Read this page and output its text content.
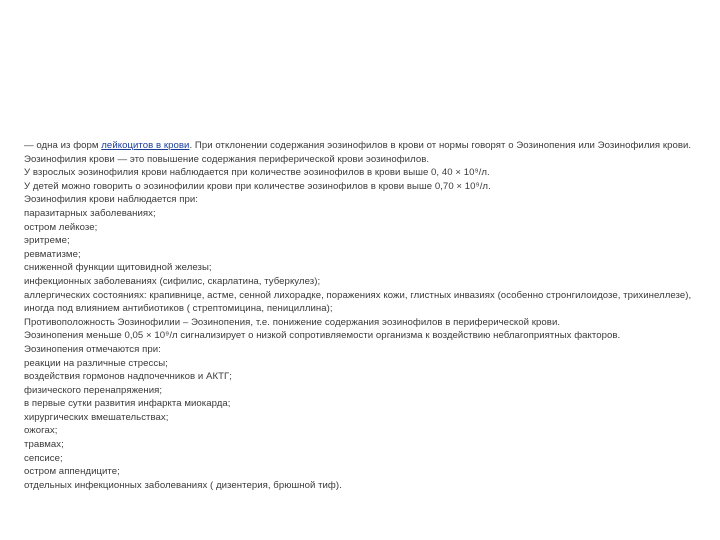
— одна из форм лейкоцитов в крови. При отклонении содержания эозинофилов в крови от нормы говорят о Эозинопения или Эозинофилия крови.
Эозинофилия крови — это повышение содержания периферической крови эозинофилов.
У взрослых эозинофилия крови наблюдается при количестве эозинофилов в крови выше 0, 40 × 10⁹/л.
У детей можно говорить о эозинофилии крови при количестве эозинофилов в крови выше 0,70 × 10⁹/л.
Эозинофилия крови наблюдается при:
паразитарных заболеваниях;
остром лейкозе;
эритреме;
ревматизме;
сниженной функции щитовидной железы;
инфекционных заболеваниях (сифилис, скарлатина, туберкулез);
аллергических состояниях: крапивнице, астме, сенной лихорадке, поражениях кожи, глистных инвазиях (особенно стронгилоидозе, трихинеллезе), иногда под влиянием антибиотиков ( стрептомицина, пенициллина);
Противоположность Эозинофилии – Эозинопения, т.е. понижение содержания эозинофилов в периферической крови.
Эозинопения меньше 0,05 × 10⁹/л сигнализирует о низкой сопротивляемости организма к воздействию неблагоприятных факторов.
Эозинопения отмечаются при:
реакции на различные стрессы;
воздействия гормонов надпочечников и АКТГ;
физического перенапряжения;
в первые сутки развития инфаркта миокарда;
хирургических вмешательствах;
ожогах;
травмах;
сепсисе;
остром аппендиците;
отдельных инфекционных заболеваниях ( дизентерия, брюшной тиф).
